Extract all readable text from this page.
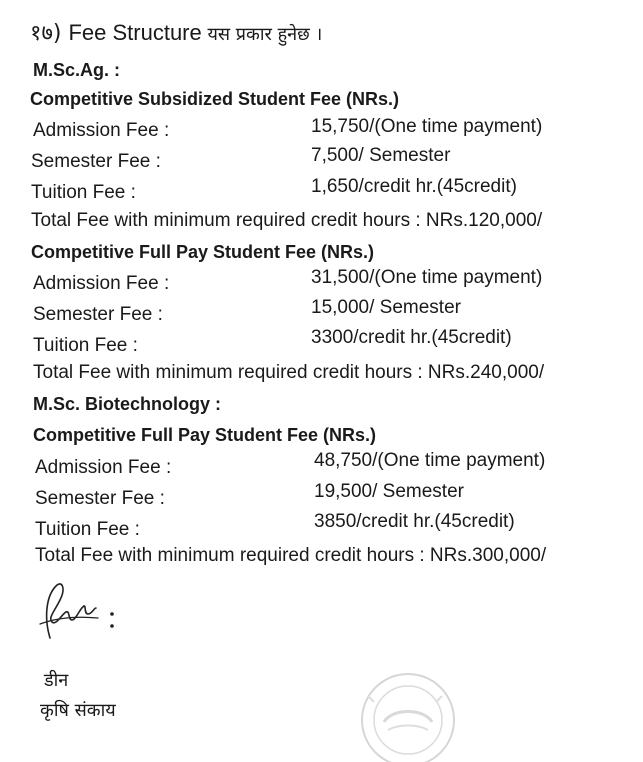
१७) Fee Structure यस प्रकार हुनेछ ।
M.Sc.Ag. :
Competitive Subsidized Student Fee (NRs.)
Admission Fee :	15,750/(One time payment)
Semester Fee :	7,500/ Semester
Tuition Fee :	1,650/credit hr.(45credit)
Total Fee with minimum required credit hours : NRs.120,000/
Competitive Full Pay Student Fee (NRs.)
Admission Fee :	31,500/(One time payment)
Semester Fee :	15,000/ Semester
Tuition Fee :	3300/credit hr.(45credit)
Total Fee with minimum required credit hours : NRs.240,000/
M.Sc. Biotechnology :
Competitive Full Pay Student Fee (NRs.)
Admission Fee :	48,750/(One time payment)
Semester Fee :	19,500/ Semester
Tuition Fee :	3850/credit hr.(45credit)
Total Fee with minimum required credit hours : NRs.300,000/
डीन
कृषि संकाय
